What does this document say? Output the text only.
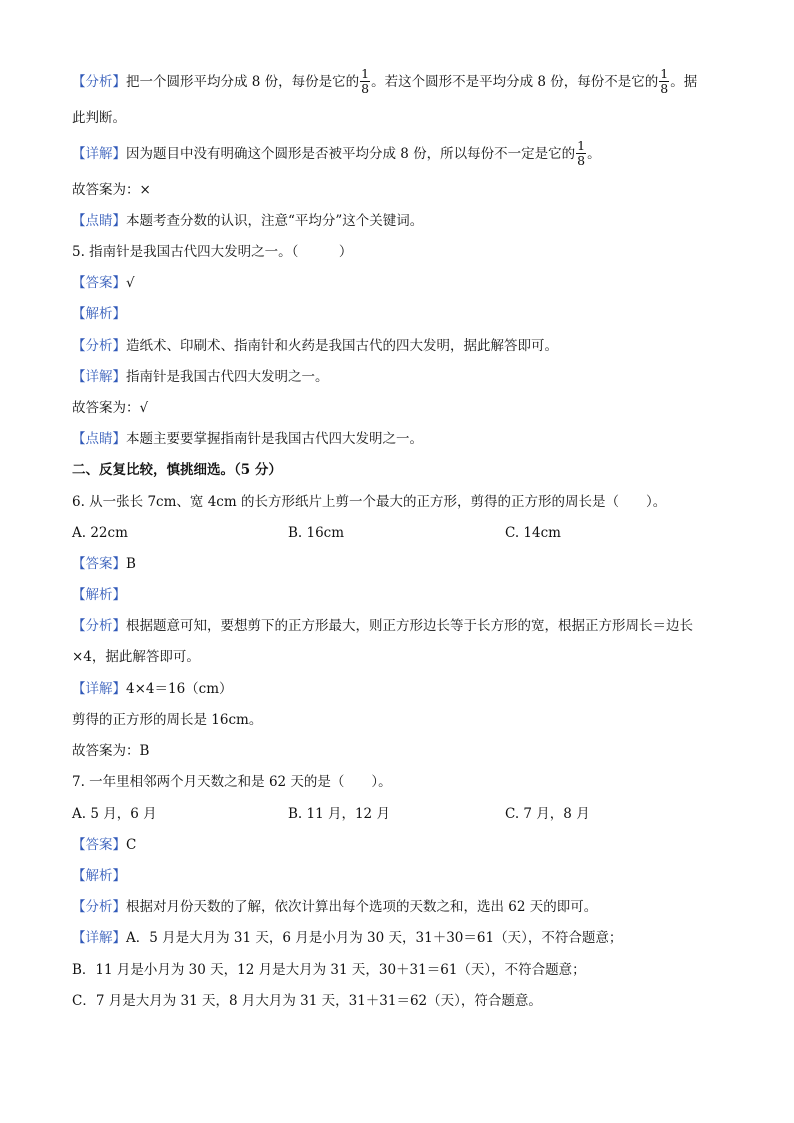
【分析】把一个圆形平均分成 8 份，每份是它的 $\frac{1}{8}$ 。若这个圆形不是平均分成 8 份，每份不是它的 $\frac{1}{8}$ 。据
此判断。
【详解】因为题目中没有明确这个圆形是否被平均分成 8 份，所以每份不一定是它的 $\frac{1}{8}$ 。
故答案为：×
【点睛】本题考查分数的认识，注意“平均分”这个关键词。
5. 指南针是我国古代四大发明之一。（　　　）
【答案】√
【解析】
【分析】造纸术、印刷术、指南针和火药是我国古代的四大发明，据此解答即可。
【详解】指南针是我国古代四大发明之一。
故答案为：√
【点睛】本题主要要掌握指南针是我国古代四大发明之一。
二、反复比较，慎挑细选。（5 分）
6. 从一张长 7cm、宽 4cm 的长方形纸片上剪一个最大的正方形，剪得的正方形的周长是（　　）。
A. 22cm	B. 16cm	C. 14cm
【答案】B
【解析】
【分析】根据题意可知，要想剪下的正方形最大，则正方形边长等于长方形的宽，根据正方形周长＝边长
×4，据此解答即可。
【详解】4×4＝16（cm）
剪得的正方形的周长是 16cm。
故答案为：B
7. 一年里相邻两个月天数之和是 62 天的是（　　）。
A. 5 月，6 月	B. 11 月，12 月	C. 7 月，8 月
【答案】C
【解析】
【分析】根据对月份天数的了解，依次计算出每个选项的天数之和，选出 62 天的即可。
【详解】A．5 月是大月为 31 天，6 月是小月为 30 天，31＋30＝61（天），不符合题意；
B．11 月是小月为 30 天，12 月是大月为 31 天，30＋31＝61（天），不符合题意；
C．7 月是大月为 31 天，8 月大月为 31 天，31＋31＝62（天），符合题意。
